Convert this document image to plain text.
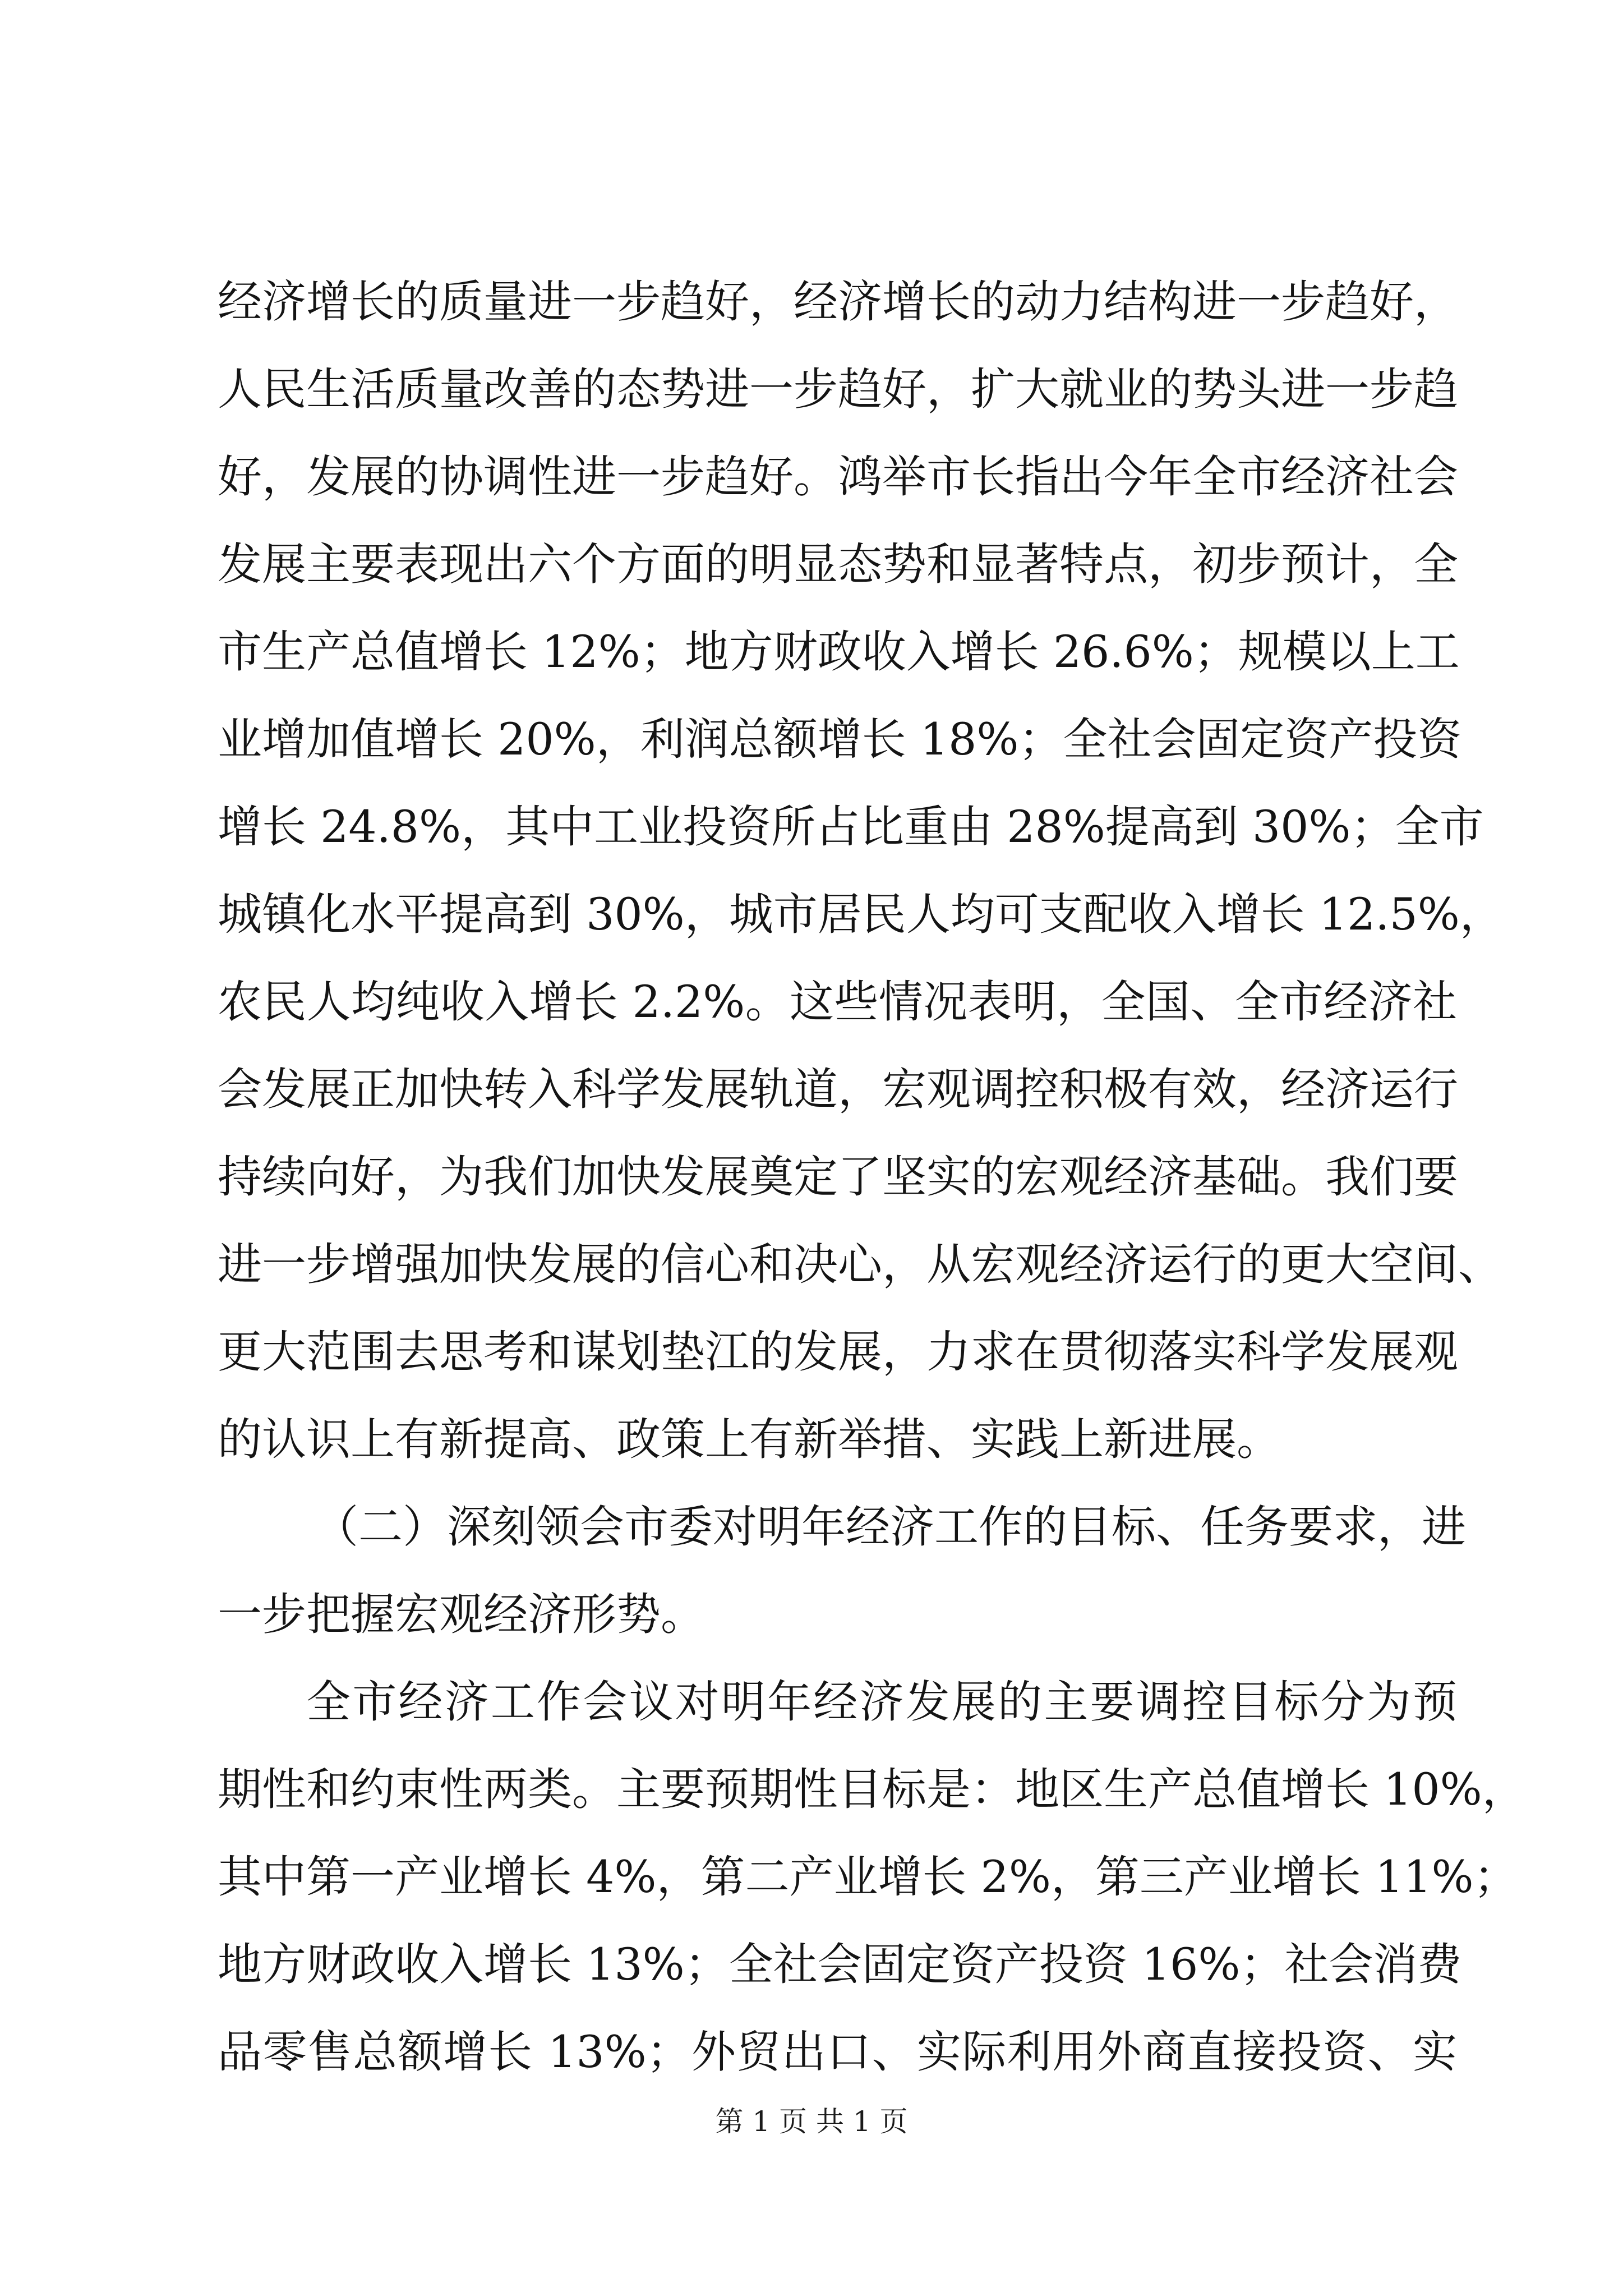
经济增长的质量进一步趋好，经济增长的动力结构进一步趋好，
人民生活质量改善的态势进一步趋好，扩大就业的势头进一步趋
好，发展的协调性进一步趋好。鸿举市长指出今年全市经济社会
发展主要表现出六个方面的明显态势和显著特点，初步预计，全
市生产总值增长 12%；地方财政收入增长 26.6%；规模以上工
业增加值增长 20%，利润总额增长 18%；全社会固定资产投资
增长 24.8%，其中工业投资所占比重由 28%提高到 30%；全市
城镇化水平提高到 30%，城市居民人均可支配收入增长 12.5%，
农民人均纯收入增长 2.2%。这些情况表明，全国、全市经济社
会发展正加快转入科学发展轨道，宏观调控积极有效，经济运行
持续向好，为我们加快发展奠定了坚实的宏观经济基础。我们要
进一步增强加快发展的信心和决心，从宏观经济运行的更大空间、
更大范围去思考和谋划垫江的发展，力求在贯彻落实科学发展观
的认识上有新提高、政策上有新举措、实践上新进展。
（二）深刻领会市委对明年经济工作的目标、任务要求，进
一步把握宏观经济形势。
全市经济工作会议对明年经济发展的主要调控目标分为预
期性和约束性两类。主要预期性目标是：地区生产总值增长 10%，
其中第一产业增长 4%，第二产业增长 2%，第三产业增长 11%；
地方财政收入增长 13%；全社会固定资产投资 16%；社会消费
品零售总额增长 13%；外贸出口、实际利用外商直接投资、实
第 1 页 共 1 页
